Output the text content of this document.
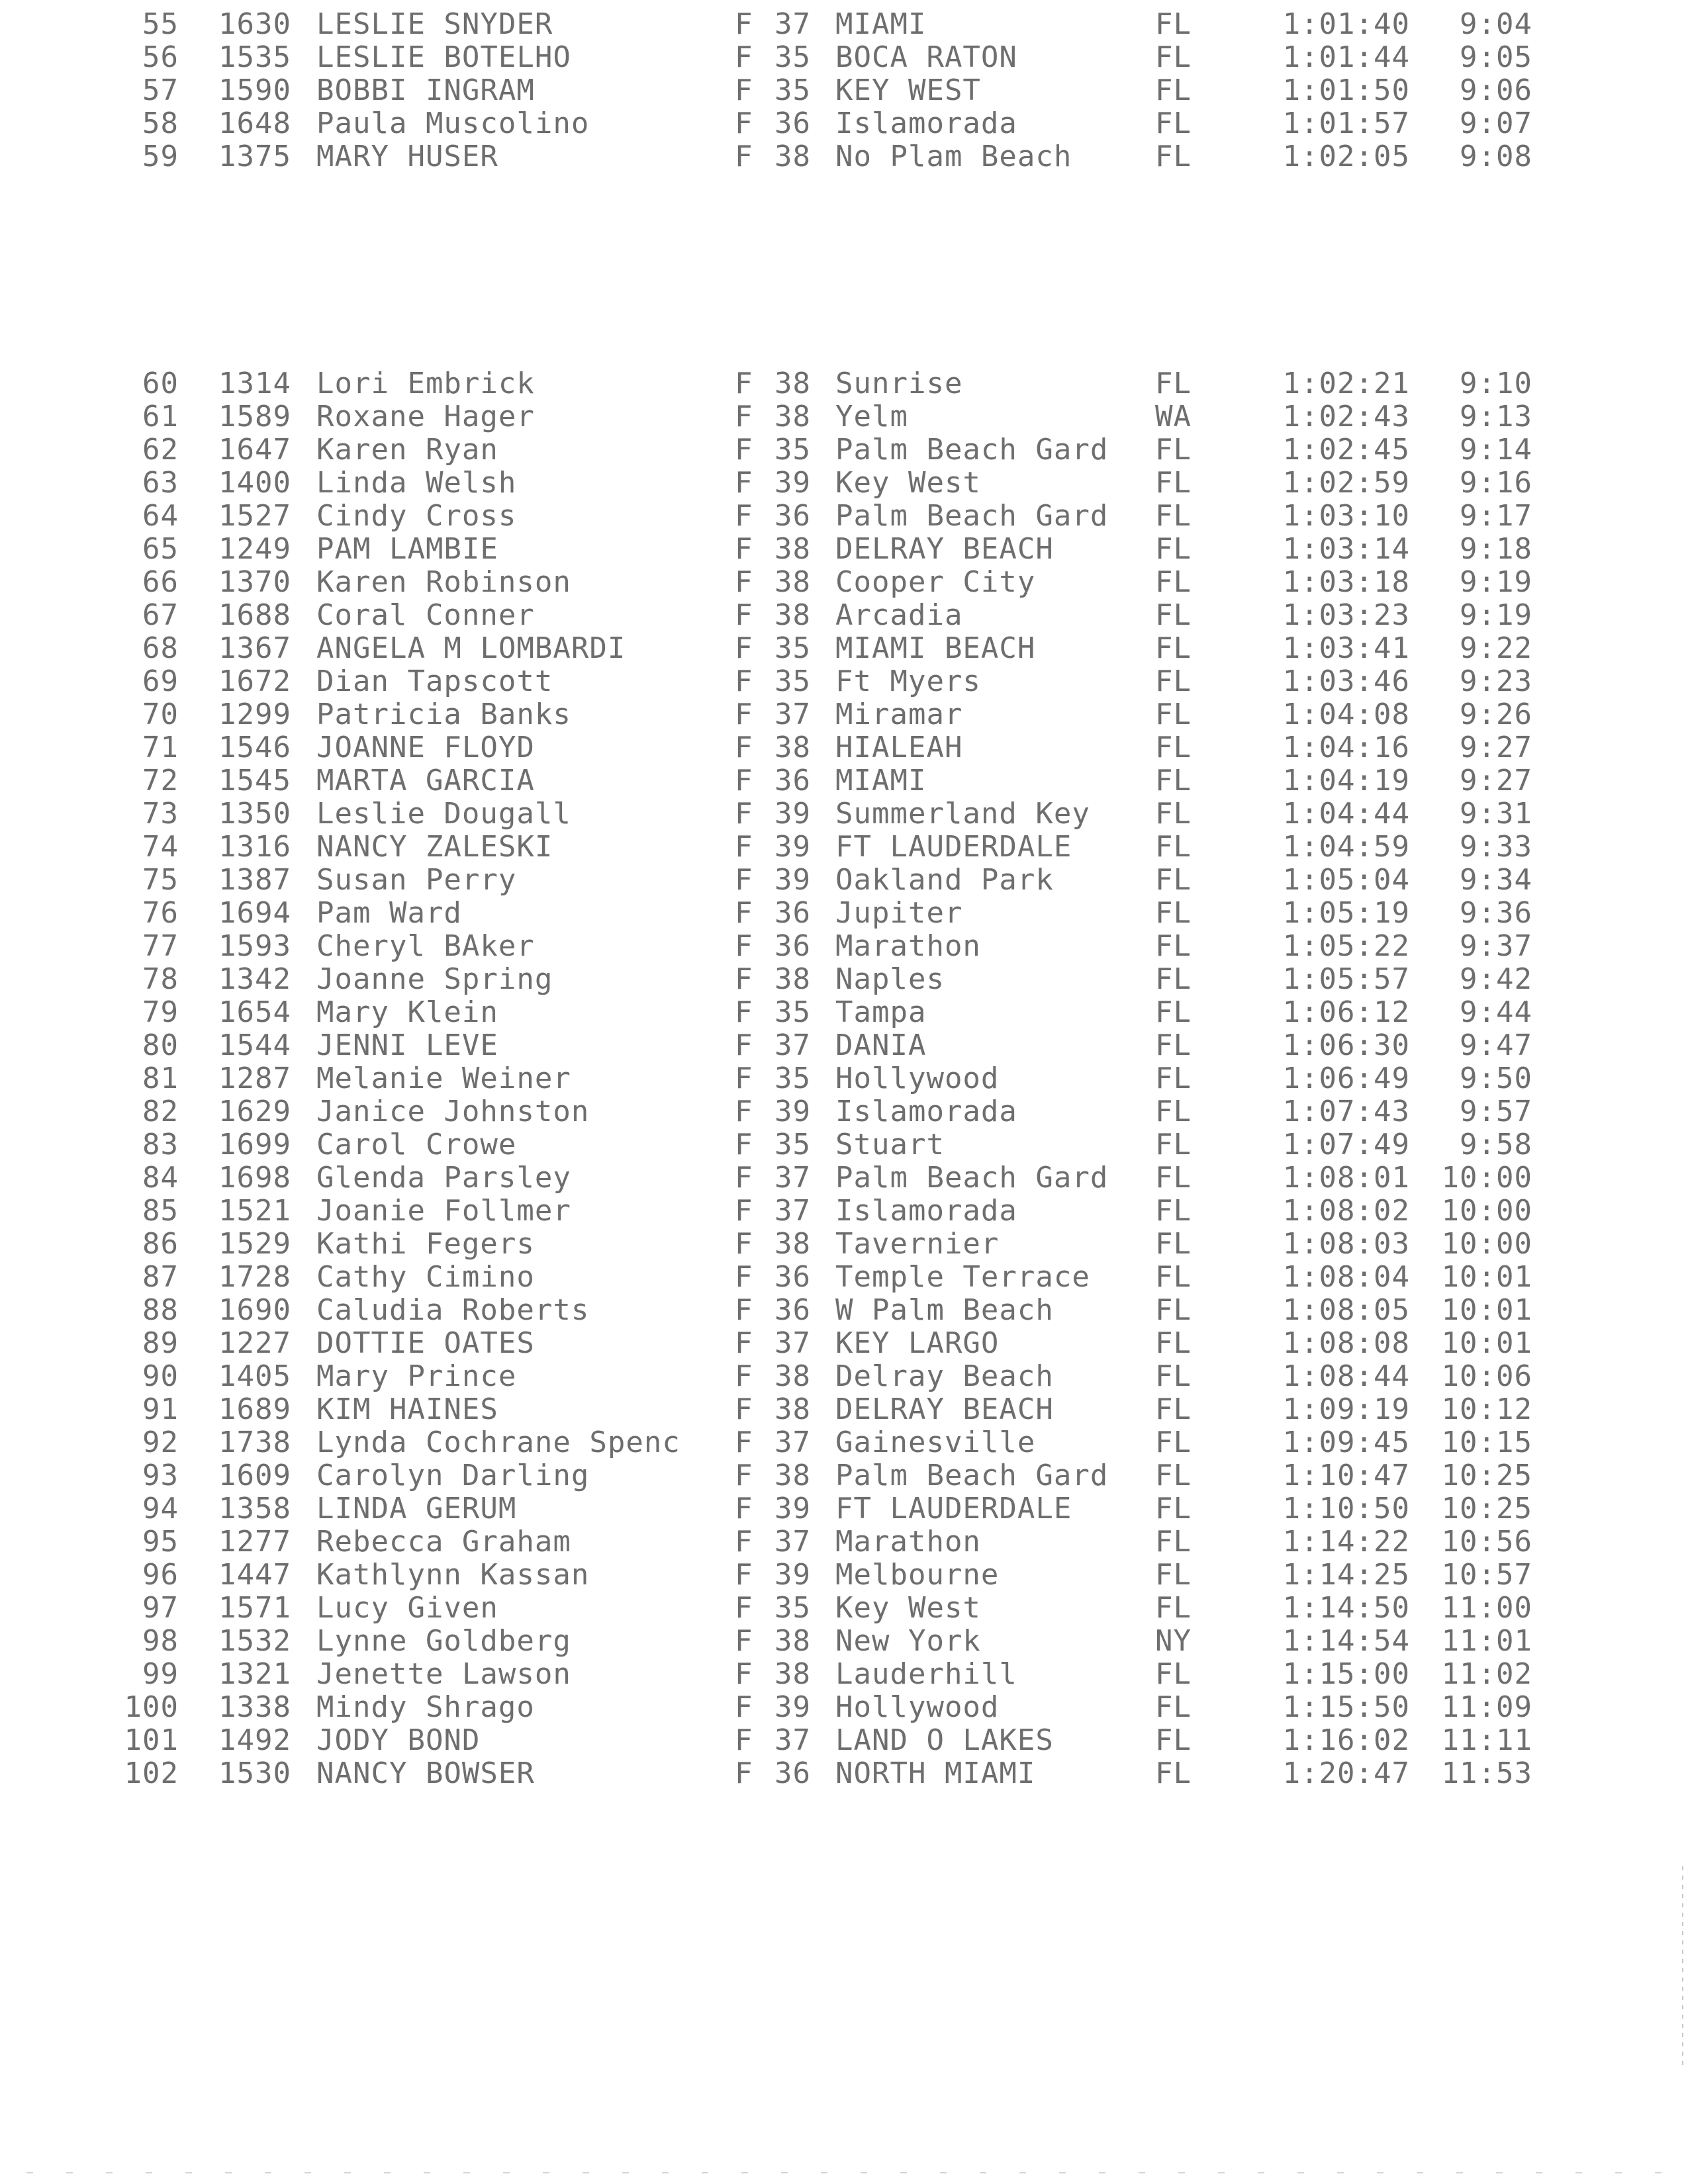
55 1630 LESLIE SNYDER	F 37 MIAMI	FL	1:01:40	9:04
56 1535 LESLIE BOTELHO	F 35 BOCA RATON	FL	1:01:44	9:05
57 1590 BOBBI INGRAM	F 35 KEY WEST	FL	1:01:50	9:06
58 1648 Paula Muscolino	F 36 Islamorada	FL	1:01:57	9:07
59 1375 MARY HUSER	F 38 No Plam Beach	FL	1:02:05	9:08
60 1314 Lori Embrick	F 38 Sunrise	FL	1:02:21	9:10
61 1589 Roxane Hager	F 38 Yelm	WA	1:02:43	9:13
62 1647 Karen Ryan	F 35 Palm Beach Gard FL	1:02:45	9:14
63 1400 Linda Welsh	F 39 Key West	FL	1:02:59	9:16
64 1527 Cindy Cross	F 36 Palm Beach Gard FL	1:03:10	9:17
65 1249 PAM LAMBIE	F 38 DELRAY BEACH	FL	1:03:14	9:18
66 1370 Karen Robinson	F 38 Cooper City	FL	1:03:18	9:19
67 1688 Coral Conner	F 38 Arcadia	FL	1:03:23	9:19
68 1367 ANGELA M LOMBARDI	F 35 MIAMI BEACH	FL	1:03:41	9:22
69 1672 Dian Tapscott	F 35 Ft Myers	FL	1:03:46	9:23
70 1299 Patricia Banks	F 37 Miramar	FL	1:04:08	9:26
71 1546 JOANNE FLOYD	F 38 HIALEAH	FL	1:04:16	9:27
72 1545 MARTA GARCIA	F 36 MIAMI	FL	1:04:19	9:27
73 1350 Leslie Dougall	F 39 Summerland Key FL	1:04:44	9:31
74 1316 NANCY ZALESKI	F 39 FT LAUDERDALE	FL	1:04:59	9:33
75 1387 Susan Perry	F 39 Oakland Park	FL	1:05:04	9:34
76 1694 Pam Ward	F 36 Jupiter	FL	1:05:19	9:36
77 1593 Cheryl BAker	F 36 Marathon	FL	1:05:22	9:37
78 1342 Joanne Spring	F 38 Naples	FL	1:05:57	9:42
79 1654 Mary Klein	F 35 Tampa	FL	1:06:12	9:44
80 1544 JENNI LEVE	F 37 DANIA	FL	1:06:30	9:47
81 1287 Melanie Weiner	F 35 Hollywood	FL	1:06:49	9:50
82 1629 Janice Johnston	F 39 Islamorada	FL	1:07:43	9:57
83 1699 Carol Crowe	F 35 Stuart	FL	1:07:49	9:58
84 1698 Glenda Parsley	F 37 Palm Beach Gard FL	1:08:01	10:00
85 1521 Joanie Follmer	F 37 Islamorada	FL	1:08:02	10:00
86 1529 Kathi Fegers	F 38 Tavernier	FL	1:08:03	10:00
87 1728 Cathy Cimino	F 36 Temple Terrace FL	1:08:04	10:01
88 1690 Caludia Roberts	F 36 W Palm Beach	FL	1:08:05	10:01
89 1227 DOTTIE OATES	F 37 KEY LARGO	FL	1:08:08	10:01
90 1405 Mary Prince	F 38 Delray Beach	FL	1:08:44	10:06
91 1689 KIM HAINES	F 38 DELRAY BEACH	FL	1:09:19	10:12
92 1738 Lynda Cochrane Spenc F 37 Gainesville	FL	1:09:45	10:15
93 1609 Carolyn Darling	F 38 Palm Beach Gard FL	1:10:47	10:25
94 1358 LINDA GERUM	F 39 FT LAUDERDALE	FL	1:10:50	10:25
95 1277 Rebecca Graham	F 37 Marathon	FL	1:14:22	10:56
96 1447 Kathlynn Kassan	F 39 Melbourne	FL	1:14:25	10:57
97 1571 Lucy Given	F 35 Key West	FL	1:14:50	11:00
98 1532 Lynne Goldberg	F 38 New York	NY	1:14:54	11:01
99 1321 Jenette Lawson	F 38 Lauderhill	FL	1:15:00	11:02
100 1338 Mindy Shrago	F 39 Hollywood	FL	1:15:50	11:09
101 1492 JODY BOND	F 37 LAND O LAKES	FL	1:16:02	11:11
102 1530 NANCY BOWSER	F 36 NORTH MIAMI	FL	1:20:47	11:53
